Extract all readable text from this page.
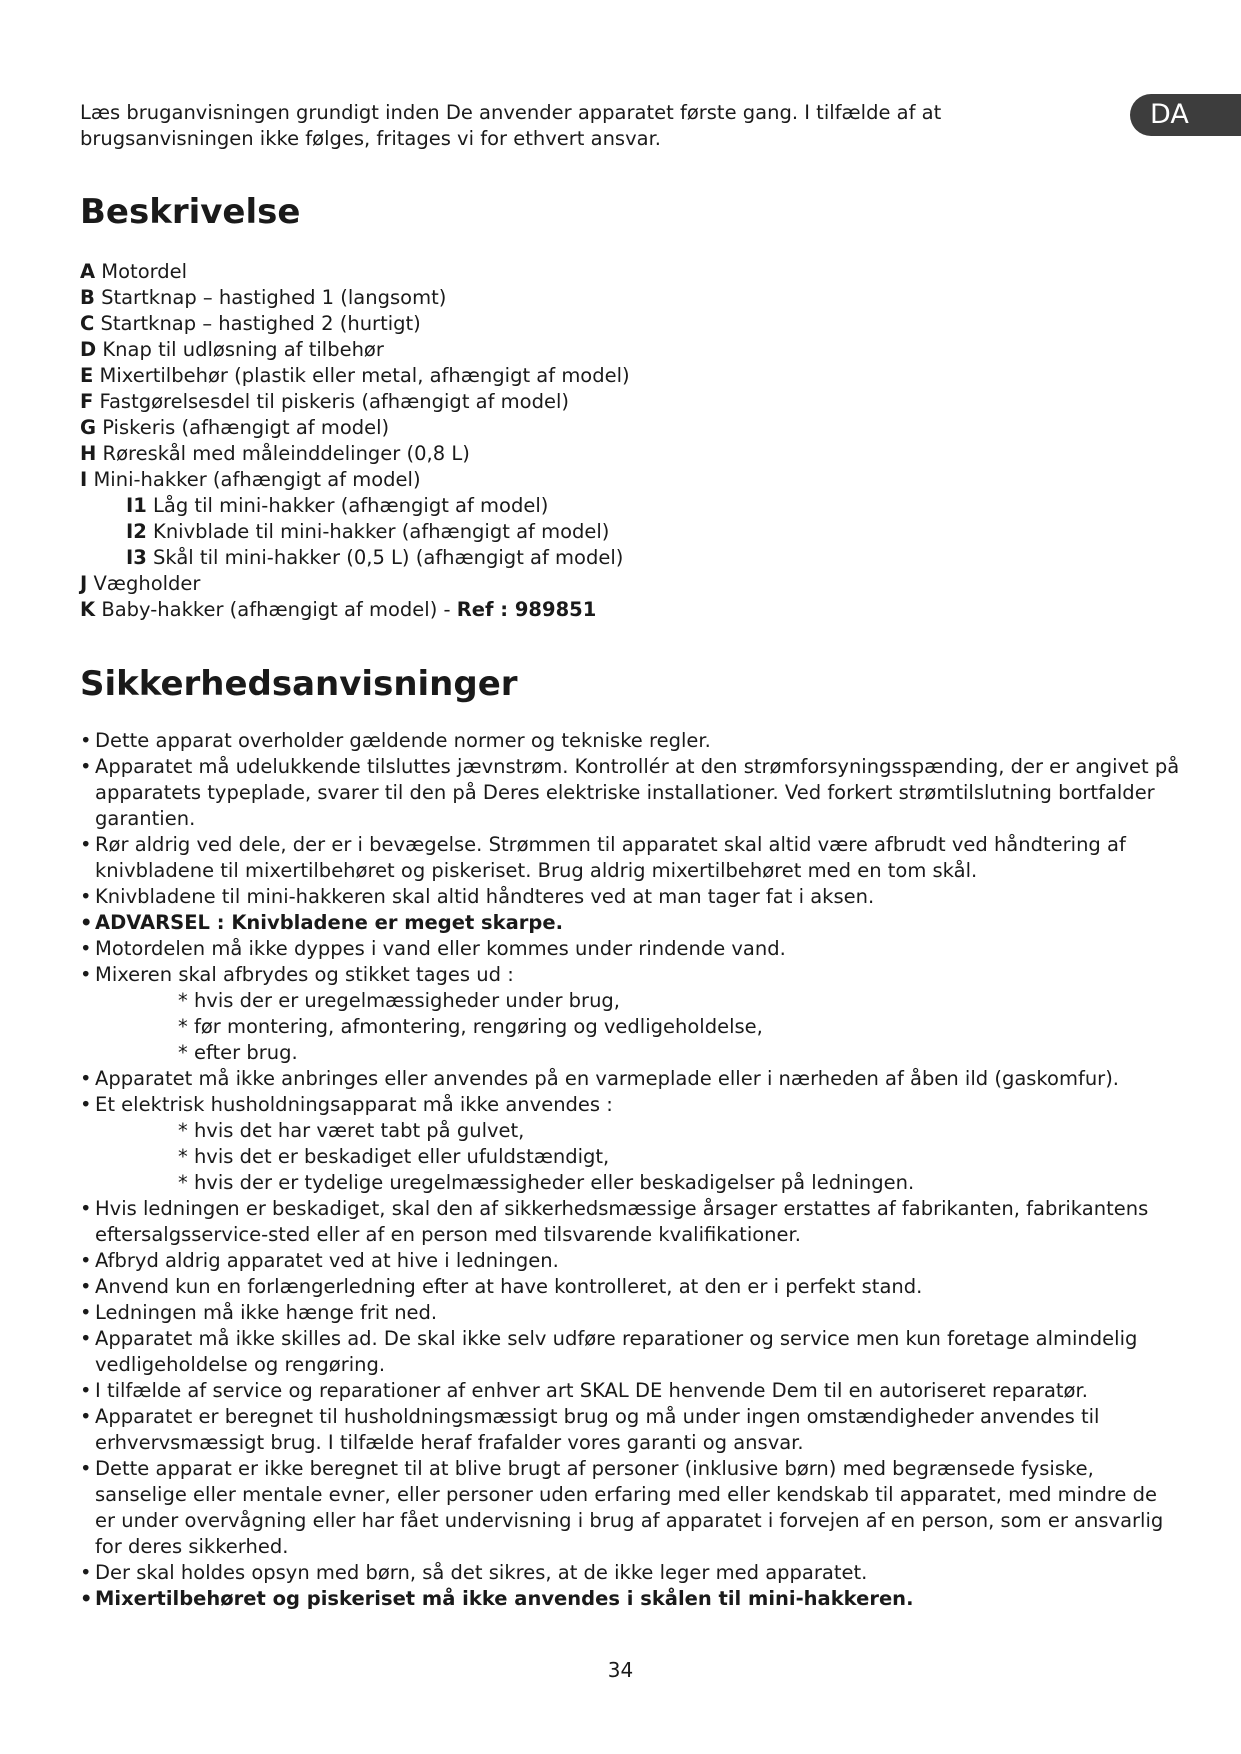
Læs bruganvisningen grundigt inden De anvender apparatet første gang. I tilfælde af at brugsanvisningen ikke følges, fritages vi for ethvert ansvar.
DA
Beskrivelse
A Motordel
B Startknap – hastighed 1 (langsomt)
C Startknap – hastighed 2 (hurtigt)
D Knap til udløsning af tilbehør
E Mixertilbehør (plastik eller metal, afhængigt af model)
F Fastgørelsesdel til piskeris (afhængigt af model)
G Piskeris (afhængigt af model)
H Røreskål med måleinddelinger (0,8 L)
I Mini-hakker (afhængigt af model)
I1 Låg til mini-hakker (afhængigt af model)
I2 Knivblade til mini-hakker (afhængigt af model)
I3 Skål til mini-hakker (0,5 L) (afhængigt af model)
J Vægholder
K Baby-hakker (afhængigt af model) - Ref : 989851
Sikkerhedsanvisninger
• Dette apparat overholder gældende normer og tekniske regler.
• Apparatet må udelukkende tilsluttes jævnstrøm. Kontrollér at den strømforsyningsspænding, der er angivet på apparatets typeplade, svarer til den på Deres elektriske installationer. Ved forkert strømtilslutning bortfalder garantien.
• Rør aldrig ved dele, der er i bevægelse. Strømmen til apparatet skal altid være afbrudt ved håndtering af knivbladene til mixertilbehøret og piskeriset. Brug aldrig mixertilbehøret med en tom skål.
• Knivbladene til mini-hakkeren skal altid håndteres ved at man tager fat i aksen.
• ADVARSEL : Knivbladene er meget skarpe.
• Motordelen må ikke dyppes i vand eller kommes under rindende vand.
• Mixeren skal afbrydes og stikket tages ud :
* hvis der er uregelmæssigheder under brug,
* før montering, afmontering, rengøring og vedligeholdelse,
* efter brug.
• Apparatet må ikke anbringes eller anvendes på en varmeplade eller i nærheden af åben ild (gaskomfur).
• Et elektrisk husholdningsapparat må ikke anvendes :
* hvis det har været tabt på gulvet,
* hvis det er beskadiget eller ufuldstændigt,
* hvis der er tydelige uregelmæssigheder eller beskadigelser på ledningen.
• Hvis ledningen er beskadiget, skal den af sikkerhedsmæssige årsager erstattes af fabrikanten, fabrikantens eftersalgsservice-sted eller af en person med tilsvarende kvalifikationer.
• Afbryd aldrig apparatet ved at hive i ledningen.
• Anvend kun en forlængerledning efter at have kontrolleret, at den er i perfekt stand.
• Ledningen må ikke hænge frit ned.
• Apparatet må ikke skilles ad. De skal ikke selv udføre reparationer og service men kun foretage almindelig vedligeholdelse og rengøring.
• I tilfælde af service og reparationer af enhver art SKAL DE henvende Dem til en autoriseret reparatør.
• Apparatet er beregnet til husholdningsmæssigt brug og må under ingen omstændigheder anvendes til erhvervsmæssigt brug. I tilfælde heraf frafalder vores garanti og ansvar.
• Dette apparat er ikke beregnet til at blive brugt af personer (inklusive børn) med begrænsede fysiske, sanselige eller mentale evner, eller personer uden erfaring med eller kendskab til apparatet, med mindre de er under overvågning eller har fået undervisning i brug af apparatet i forvejen af en person, som er ansvarlig for deres sikkerhed.
• Der skal holdes opsyn med børn, så det sikres, at de ikke leger med apparatet.
• Mixertilbehøret og piskeriset må ikke anvendes i skålen til mini-hakkeren.
34
